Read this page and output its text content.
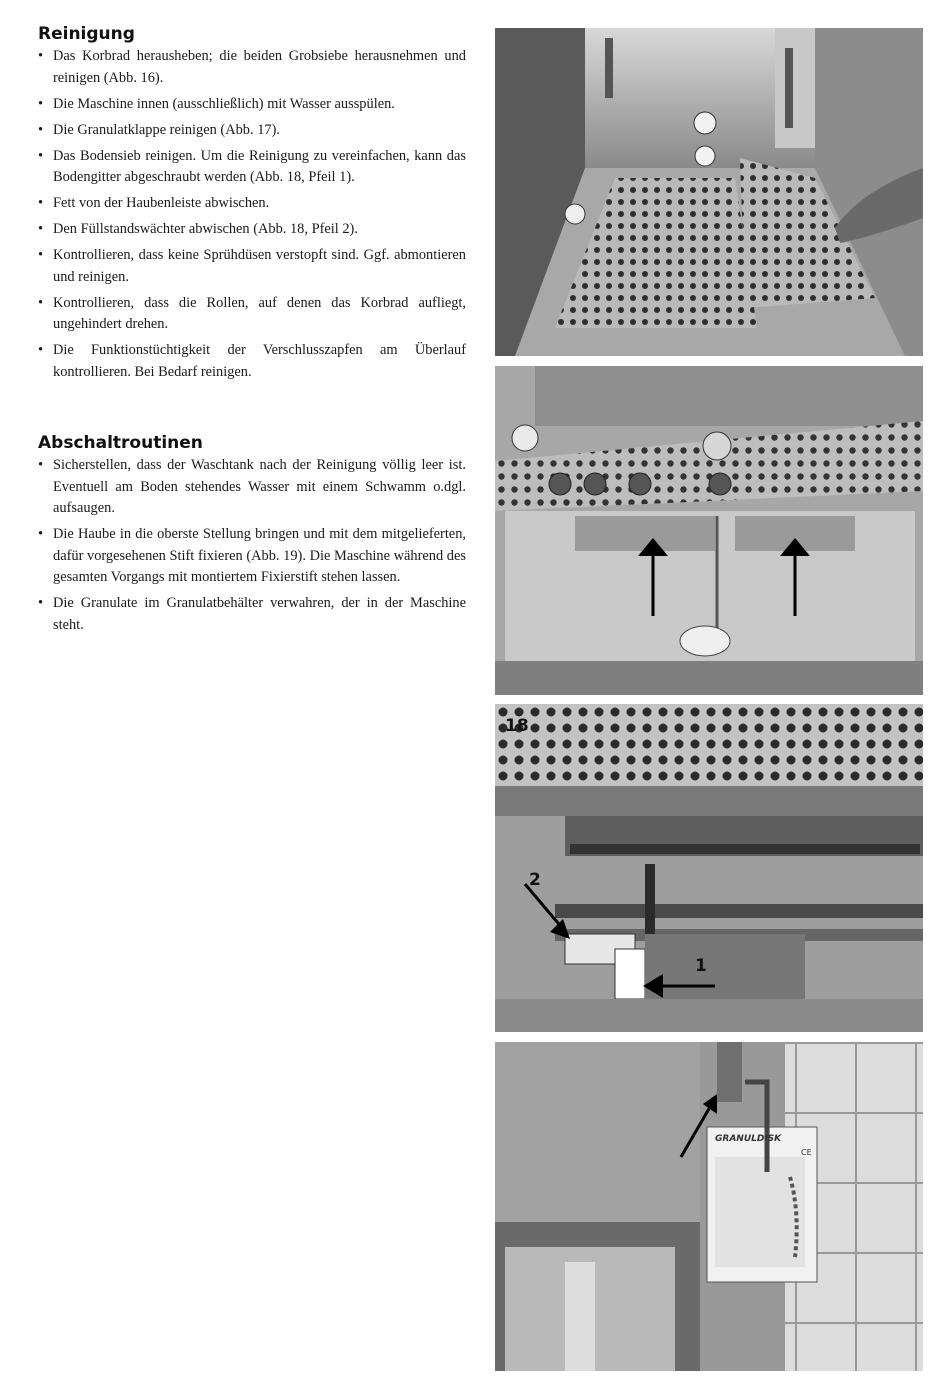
Reinigung
• Das Korbrad herausheben; die beiden Grobsiebe herausnehmen und reinigen (Abb. 16).
• Die Maschine innen (ausschließlich) mit Wasser ausspülen.
• Die Granulatklappe reinigen (Abb. 17).
• Das Bodensieb reinigen. Um die Reinigung zu vereinfachen, kann das Bodengitter abgeschraubt werden (Abb. 18, Pfeil 1).
• Fett von der Haubenleiste abwischen.
• Den Füllstandswächter abwischen (Abb. 18, Pfeil 2).
• Kontrollieren, dass keine Sprühdüsen verstopft sind. Ggf. abmontieren und reinigen.
• Kontrollieren, dass die Rollen, auf denen das Korbrad aufliegt, ungehindert drehen.
• Die Funktionstüchtigkeit der Verschlusszapfen am Überlauf kontrollieren. Bei Bedarf reinigen.
Abschaltroutinen
• Sicherstellen, dass der Waschtank nach der Reinigung völlig leer ist. Eventuell am Boden stehendes Wasser mit einem Schwamm o.dgl. aufsaugen.
• Die Haube in die oberste Stellung bringen und mit dem mitgelieferten, dafür vorgesehenen Stift fixieren (Abb. 19). Die Maschine während des gesamten Vorgangs mit montiertem Fixierstift stehen lassen.
• Die Granulate im Granulatbehälter verwahren, der in der Maschine steht.
18
2
1
GRANULDISK
CE
